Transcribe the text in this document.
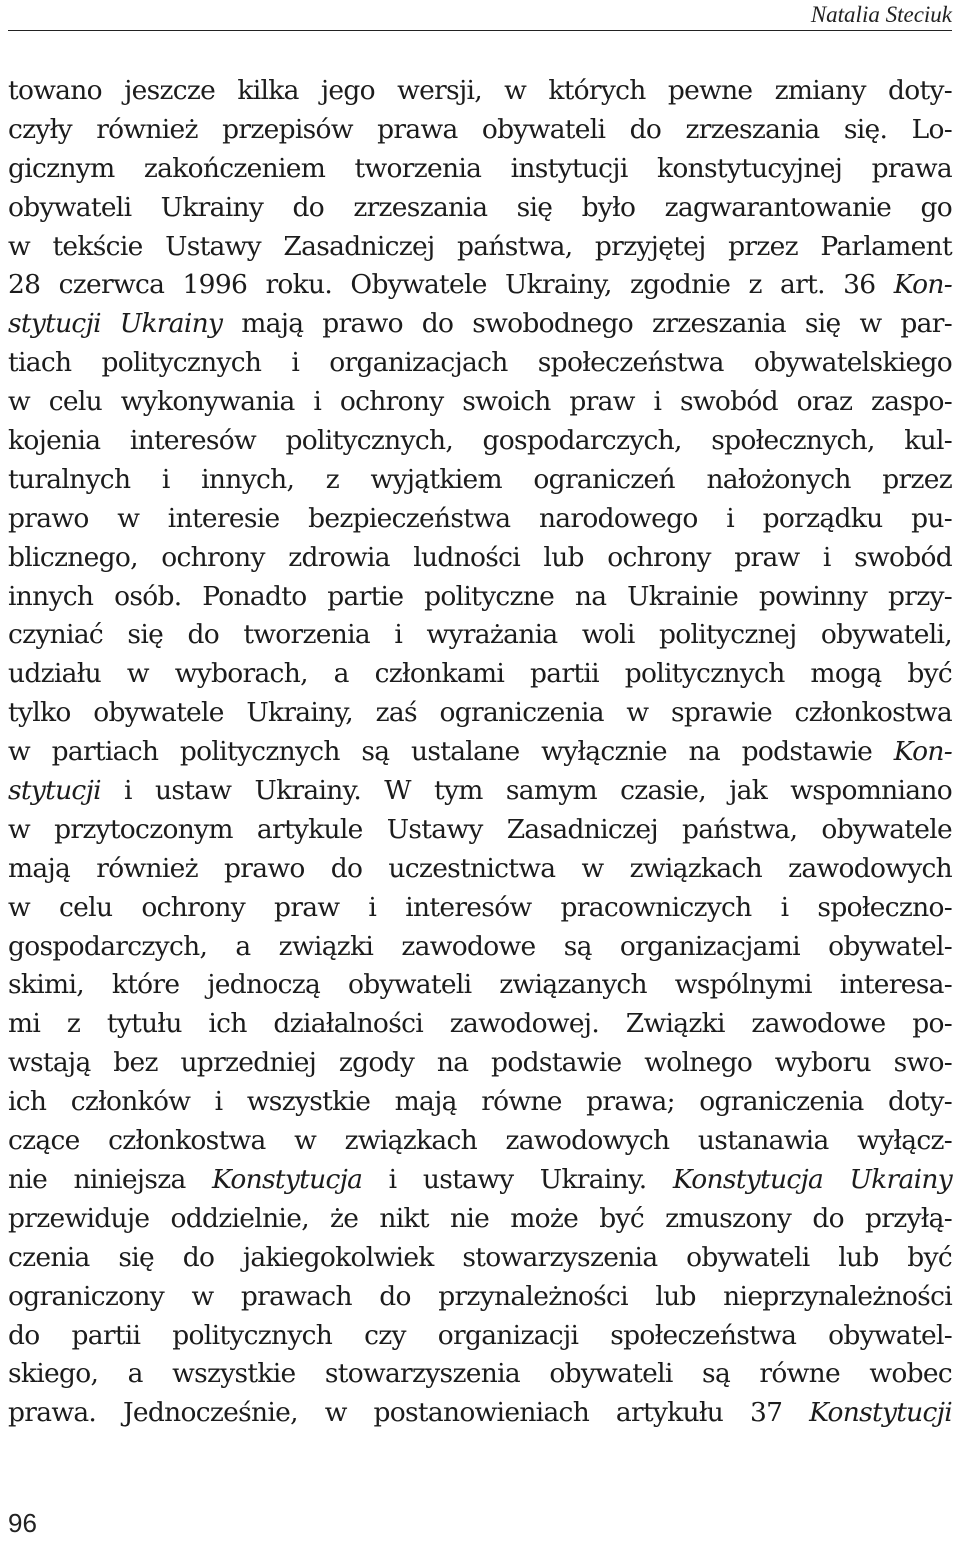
Natalia Steciuk
towano jeszcze kilka jego wersji, w których pewne zmiany doty-
czyły również przepisów prawa obywateli do zrzeszania się. Lo-
gicznym zakończeniem tworzenia instytucji konstytucyjnej prawa
obywateli Ukrainy do zrzeszania się było zagwarantowanie go
w tekście Ustawy Zasadniczej państwa, przyjętej przez Parlament
28 czerwca 1996 roku. Obywatele Ukrainy, zgodnie z art. 36 Kon-
stytucji Ukrainy mają prawo do swobodnego zrzeszania się w par-
tiach politycznych i organizacjach społeczeństwa obywatelskiego
w celu wykonywania i ochrony swoich praw i swobód oraz zaspo-
kojenia interesów politycznych, gospodarczych, społecznych, kul-
turalnych i innych, z wyjątkiem ograniczeń nałożonych przez
prawo w interesie bezpieczeństwa narodowego i porządku pu-
blicznego, ochrony zdrowia ludności lub ochrony praw i swobód
innych osób. Ponadto partie polityczne na Ukrainie powinny przy-
czyniać się do tworzenia i wyrażania woli politycznej obywateli,
udziału w wyborach, a członkami partii politycznych mogą być
tylko obywatele Ukrainy, zaś ograniczenia w sprawie członkostwa
w partiach politycznych są ustalane wyłącznie na podstawie Kon-
stytucji i ustaw Ukrainy. W tym samym czasie, jak wspomniano
w przytoczonym artykule Ustawy Zasadniczej państwa, obywatele
mają również prawo do uczestnictwa w związkach zawodowych
w celu ochrony praw i interesów pracowniczych i społeczno-
gospodarczych, a związki zawodowe są organizacjami obywatel-
skimi, które jednoczą obywateli związanych wspólnymi interesa-
mi z tytułu ich działalności zawodowej. Związki zawodowe po-
wstają bez uprzedniej zgody na podstawie wolnego wyboru swo-
ich członków i wszystkie mają równe prawa; ograniczenia doty-
czące członkostwa w związkach zawodowych ustanawia wyłącz-
nie niniejsza Konstytucja i ustawy Ukrainy. Konstytucja Ukrainy
przewiduje oddzielnie, że nikt nie może być zmuszony do przyłą-
czenia się do jakiegokolwiek stowarzyszenia obywateli lub być
ograniczony w prawach do przynależności lub nieprzynależności
do partii politycznych czy organizacji społeczeństwa obywatel-
skiego, a wszystkie stowarzyszenia obywateli są równe wobec
prawa. Jednocześnie, w postanowieniach artykułu 37 Konstytucji
96
